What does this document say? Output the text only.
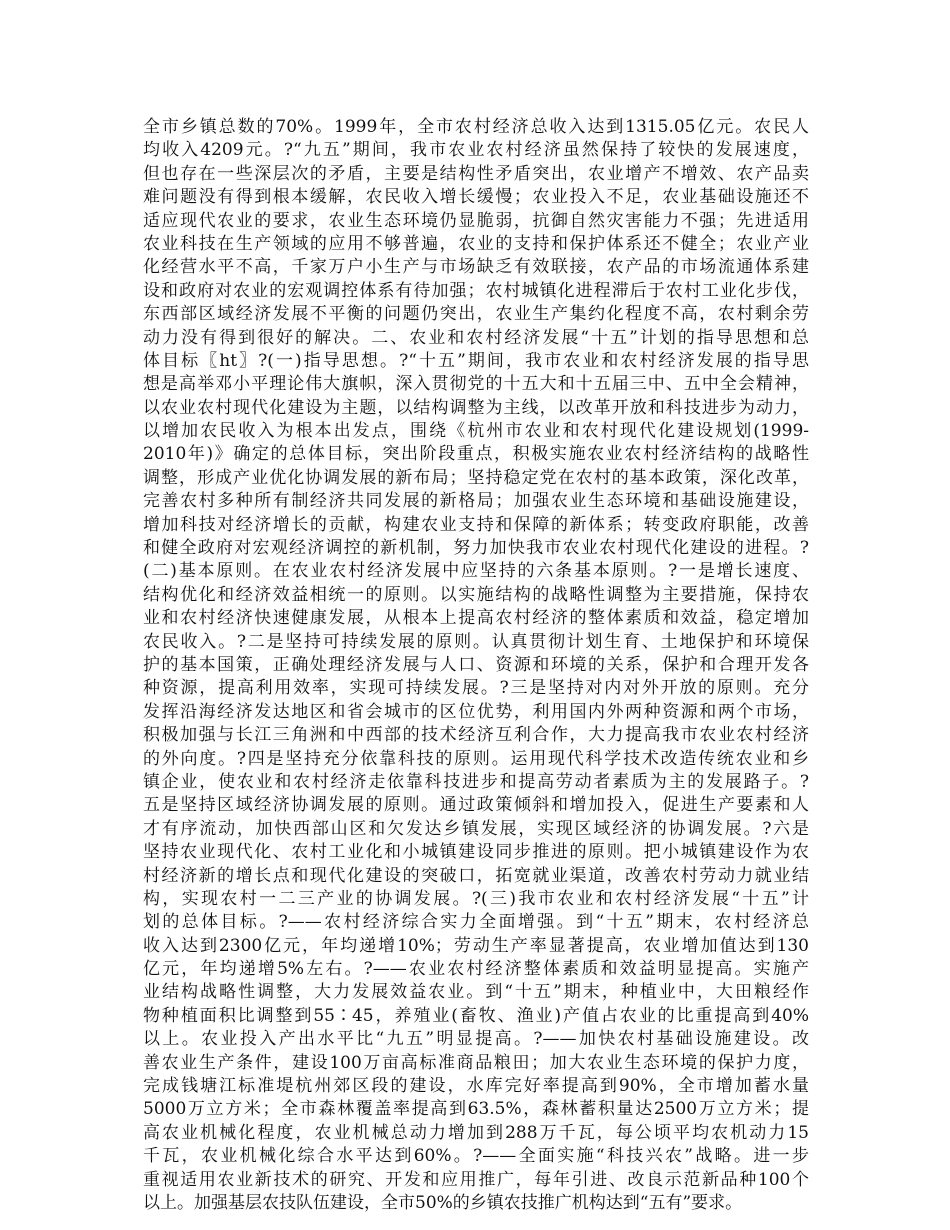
全市乡镇总数的70%。1999年，全市农村经济总收入达到1315.05亿元。农民人
均收入4209元。?“九五”期间，我市农业农村经济虽然保持了较快的发展速度，
但也存在一些深层次的矛盾，主要是结构性矛盾突出，农业增产不增效、农产品卖
难问题没有得到根本缓解，农民收入增长缓慢；农业投入不足，农业基础设施还不
适应现代农业的要求，农业生态环境仍显脆弱，抗御自然灾害能力不强；先进适用
农业科技在生产领域的应用不够普遍，农业的支持和保护体系还不健全；农业产业
化经营水平不高，千家万户小生产与市场缺乏有效联接，农产品的市场流通体系建
设和政府对农业的宏观调控体系有待加强；农村城镇化进程滞后于农村工业化步伐，
东西部区域经济发展不平衡的问题仍突出，农业生产集约化程度不高，农村剩余劳
动力没有得到很好的解决。二、农业和农村经济发展“十五”计划的指导思想和总
体目标〖ht〗?(一)指导思想。?“十五”期间，我市农业和农村经济发展的指导思
想是高举邓小平理论伟大旗帜，深入贯彻党的十五大和十五届三中、五中全会精神，
以农业农村现代化建设为主题，以结构调整为主线，以改革开放和科技进步为动力，
以增加农民收入为根本出发点，围绕《杭州市农业和农村现代化建设规划(1999-
2010年)》确定的总体目标，突出阶段重点，积极实施农业农村经济结构的战略性
调整，形成产业优化协调发展的新布局；坚持稳定党在农村的基本政策，深化改革，
完善农村多种所有制经济共同发展的新格局；加强农业生态环境和基础设施建设，
增加科技对经济增长的贡献，构建农业支持和保障的新体系；转变政府职能，改善
和健全政府对宏观经济调控的新机制，努力加快我市农业农村现代化建设的进程。?
(二)基本原则。在农业农村经济发展中应坚持的六条基本原则。?一是增长速度、
结构优化和经济效益相统一的原则。以实施结构的战略性调整为主要措施，保持农
业和农村经济快速健康发展，从根本上提高农村经济的整体素质和效益，稳定增加
农民收入。?二是坚持可持续发展的原则。认真贯彻计划生育、土地保护和环境保
护的基本国策，正确处理经济发展与人口、资源和环境的关系，保护和合理开发各
种资源，提高利用效率，实现可持续发展。?三是坚持对内对外开放的原则。充分
发挥沿海经济发达地区和省会城市的区位优势，利用国内外两种资源和两个市场，
积极加强与长江三角洲和中西部的技术经济互利合作，大力提高我市农业农村经济
的外向度。?四是坚持充分依靠科技的原则。运用现代科学技术改造传统农业和乡
镇企业，使农业和农村经济走依靠科技进步和提高劳动者素质为主的发展路子。?
五是坚持区域经济协调发展的原则。通过政策倾斜和增加投入，促进生产要素和人
才有序流动，加快西部山区和欠发达乡镇发展，实现区域经济的协调发展。?六是
坚持农业现代化、农村工业化和小城镇建设同步推进的原则。把小城镇建设作为农
村经济新的增长点和现代化建设的突破口，拓宽就业渠道，改善农村劳动力就业结
构，实现农村一二三产业的协调发展。?(三)我市农业和农村经济发展“十五”计
划的总体目标。?——农村经济综合实力全面增强。到“十五”期末，农村经济总
收入达到2300亿元，年均递增10%；劳动生产率显著提高，农业增加值达到130
亿元，年均递增5%左右。?——农业农村经济整体素质和效益明显提高。实施产
业结构战略性调整，大力发展效益农业。到“十五”期末，种植业中，大田粮经作
物种植面积比调整到55∶45，养殖业(畜牧、渔业)产值占农业的比重提高到40%
以上。农业投入产出水平比“九五”明显提高。?——加快农村基础设施建设。改
善农业生产条件，建设100万亩高标准商品粮田；加大农业生态环境的保护力度，
完成钱塘江标准堤杭州郊区段的建设，水库完好率提高到90%，全市增加蓄水量
5000万立方米；全市森林覆盖率提高到63.5%，森林蓄积量达2500万立方米；提
高农业机械化程度，农业机械总动力增加到288万千瓦，每公顷平均农机动力15
千瓦，农业机械化综合水平达到60%。?——全面实施“科技兴农”战略。进一步
重视适用农业新技术的研究、开发和应用推广，每年引进、改良示范新品种100个
以上。加强基层农技队伍建设，全市50%的乡镇农技推广机构达到“五有”要求。
